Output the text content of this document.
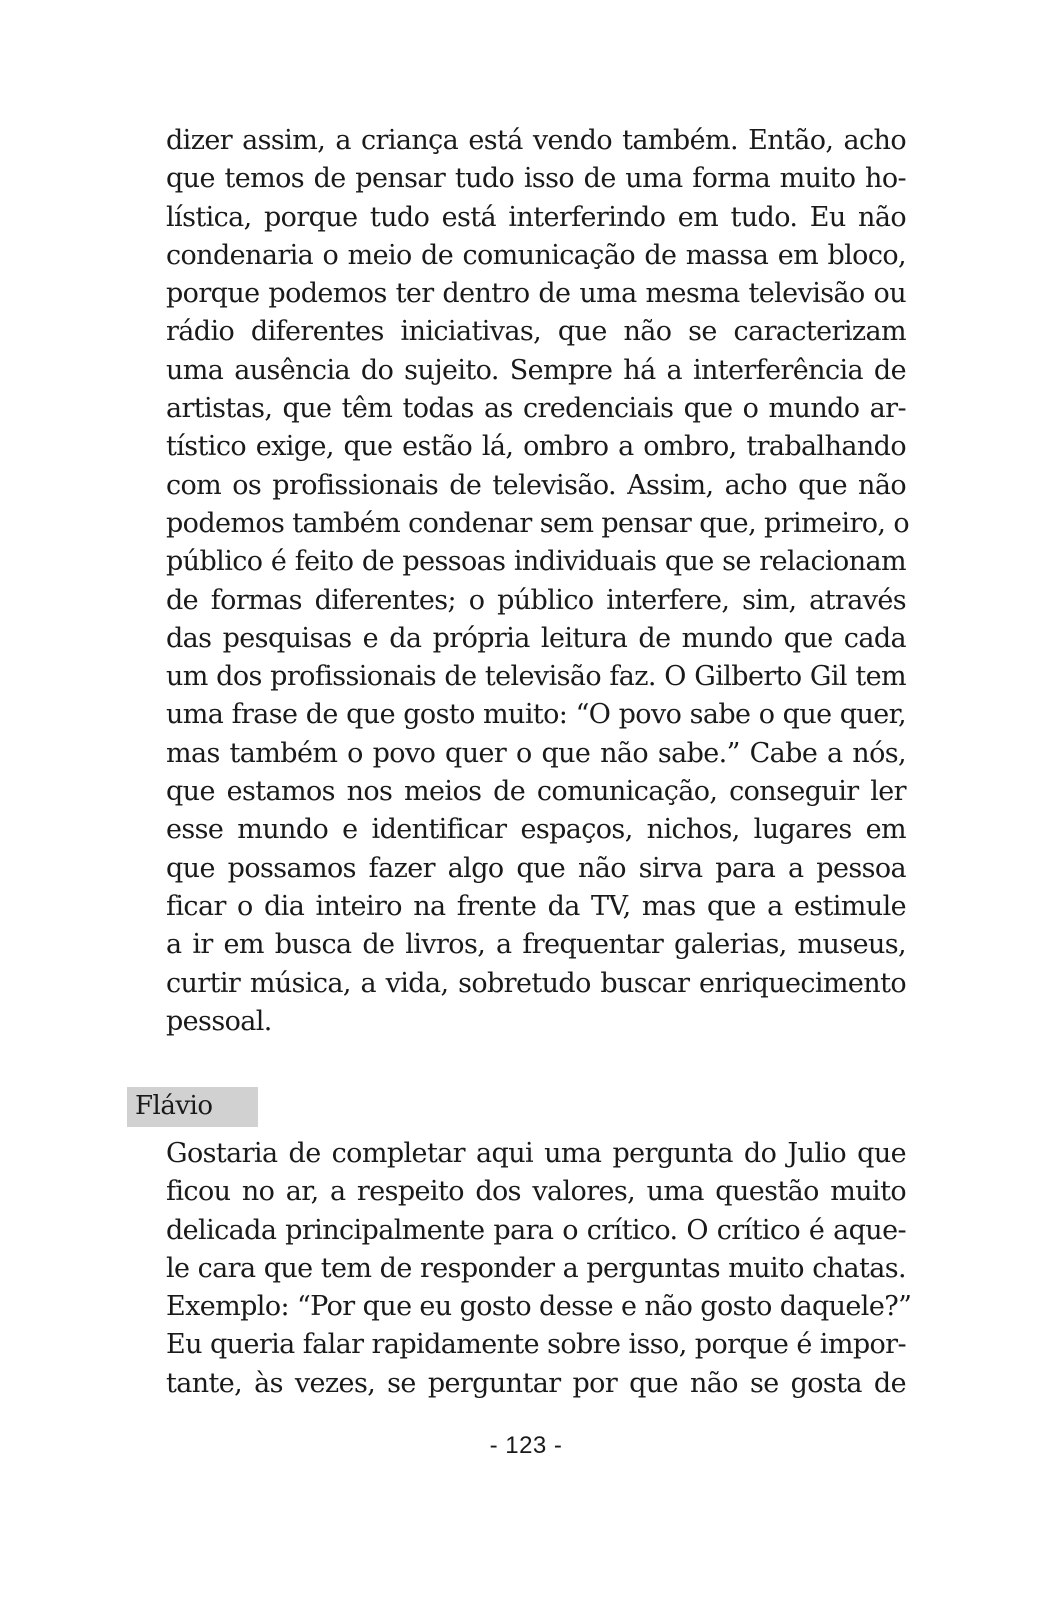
dizer assim, a criança está vendo também. Então, acho
que temos de pensar tudo isso de uma forma muito ho-
lística, porque tudo está interferindo em tudo. Eu não
condenaria o meio de comunicação de massa em bloco,
porque podemos ter dentro de uma mesma televisão ou
rádio diferentes iniciativas, que não se caracterizam
uma ausência do sujeito. Sempre há a interferência de
artistas, que têm todas as credenciais que o mundo ar-
tístico exige, que estão lá, ombro a ombro, trabalhando
com os profissionais de televisão. Assim, acho que não
podemos também condenar sem pensar que, primeiro, o
público é feito de pessoas individuais que se relacionam
de formas diferentes; o público interfere, sim, através
das pesquisas e da própria leitura de mundo que cada
um dos profissionais de televisão faz. O Gilberto Gil tem
uma frase de que gosto muito: “O povo sabe o que quer,
mas também o povo quer o que não sabe.” Cabe a nós,
que estamos nos meios de comunicação, conseguir ler
esse mundo e identificar espaços, nichos, lugares em
que possamos fazer algo que não sirva para a pessoa
ficar o dia inteiro na frente da TV, mas que a estimule
a ir em busca de livros, a frequentar galerias, museus,
curtir música, a vida, sobretudo buscar enriquecimento
pessoal.
Flávio
Gostaria de completar aqui uma pergunta do Julio que
ficou no ar, a respeito dos valores, uma questão muito
delicada principalmente para o crítico. O crítico é aque-
le cara que tem de responder a perguntas muito chatas.
Exemplo: “Por que eu gosto desse e não gosto daquele?”
Eu queria falar rapidamente sobre isso, porque é impor-
tante, às vezes, se perguntar por que não se gosta de
- 123 -
